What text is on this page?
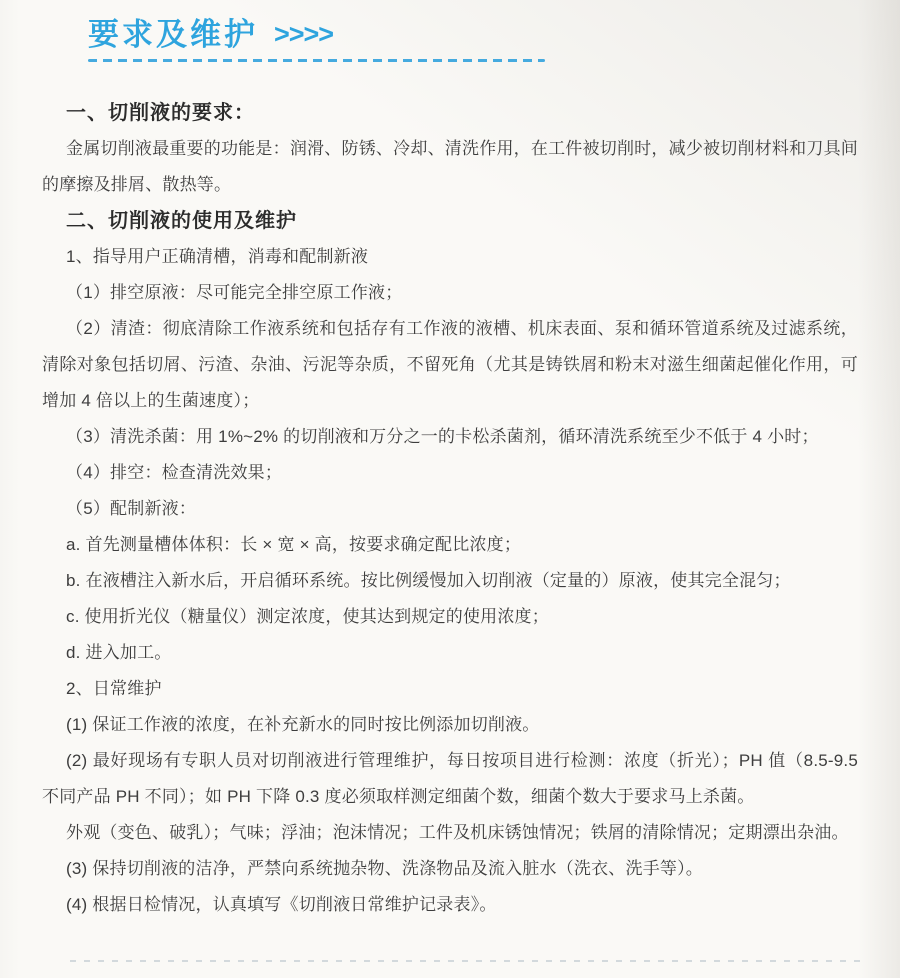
要求及维护 >>>>
一、切削液的要求：

金属切削液最重要的功能是：润滑、防锈、冷却、清洗作用，在工件被切削时，减少被切削材料和刀具间的摩擦及排屑、散热等。

二、切削液的使用及维护

1、指导用户正确清槽，消毒和配制新液

（1）排空原液：尽可能完全排空原工作液；

（2）清渣：彻底清除工作液系统和包括存有工作液的液槽、机床表面、泵和循环管道系统及过滤系统，清除对象包括切屑、污渣、杂油、污泥等杂质，不留死角（尤其是铸铁屑和粉末对滋生细菌起催化作用，可增加 4 倍以上的生菌速度）；

（3）清洗杀菌：用 1%~2% 的切削液和万分之一的卡松杀菌剂，循环清洗系统至少不低于 4 小时；

（4）排空：检查清洗效果；

（5）配制新液：

a. 首先测量槽体体积：长 × 宽 × 高，按要求确定配比浓度；

b. 在液槽注入新水后，开启循环系统。按比例缓慢加入切削液（定量的）原液，使其完全混匀；

c. 使用折光仪（糖量仪）测定浓度，使其达到规定的使用浓度；

d. 进入加工。

2、日常维护

(1) 保证工作液的浓度，在补充新水的同时按比例添加切削液。

(2) 最好现场有专职人员对切削液进行管理维护，每日按项目进行检测：浓度（折光）；PH 值（8.5-9.5 不同产品 PH 不同）；如 PH 下降 0.3 度必须取样测定细菌个数，细菌个数大于要求马上杀菌。

外观（变色、破乳）；气味；浮油；泡沫情况；工件及机床锈蚀情况；铁屑的清除情况；定期漂出杂油。

(3) 保持切削液的洁净，严禁向系统抛杂物、洗涤物品及流入脏水（洗衣、洗手等）。

(4) 根据日检情况，认真填写《切削液日常维护记录表》。
